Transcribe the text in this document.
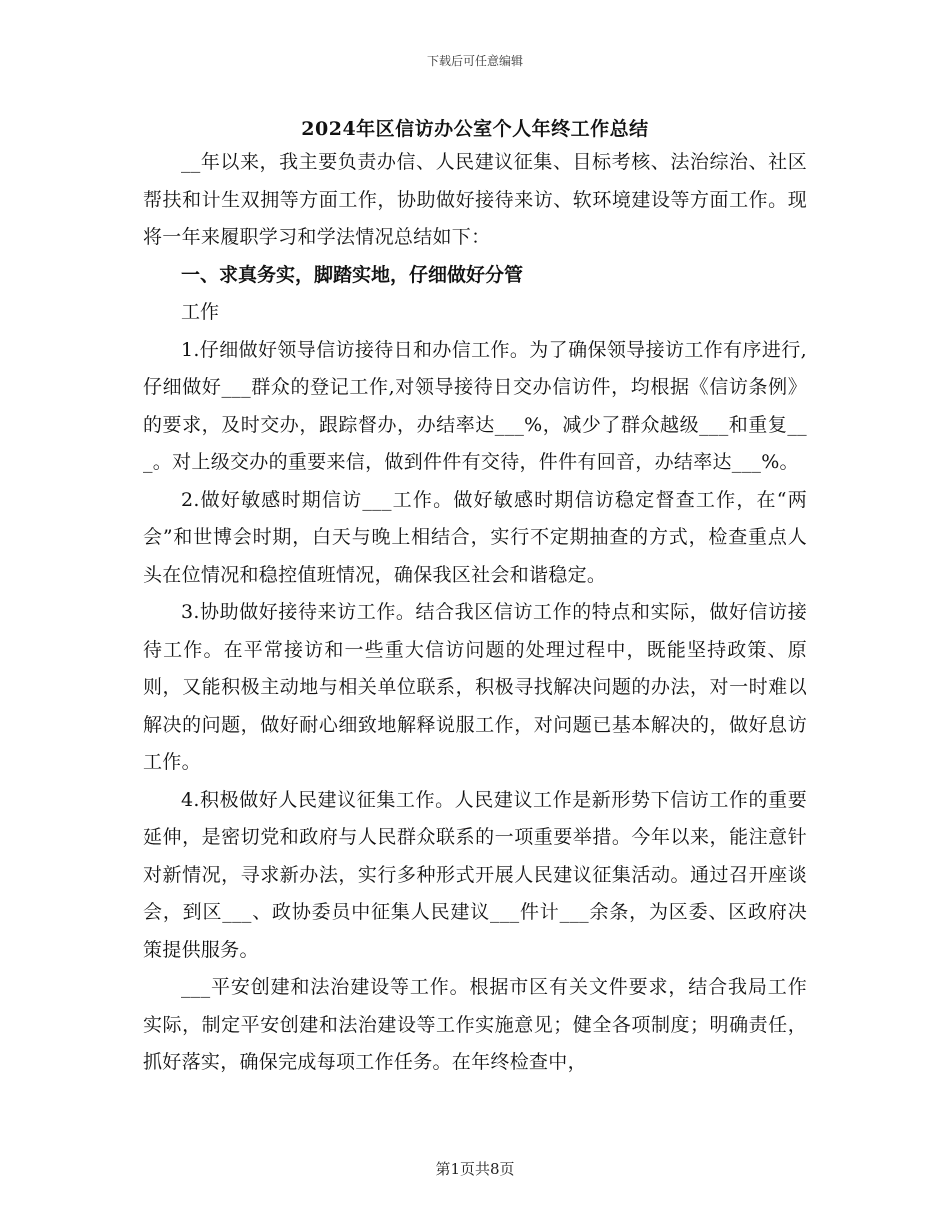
下载后可任意编辑
2024年区信访办公室个人年终工作总结

__年以来，我主要负责办信、人民建议征集、目标考核、法治综治、社区帮扶和计生双拥等方面工作，协助做好接待来访、软环境建设等方面工作。现将一年来履职学习和学法情况总结如下：

一、求真务实，脚踏实地，仔细做好分管

工作

1.仔细做好领导信访接待日和办信工作。为了确保领导接访工作有序进行,仔细做好___群众的登记工作,对领导接待日交办信访件，均根据《信访条例》的要求，及时交办，跟踪督办，办结率达___%，减少了群众越级___和重复___。对上级交办的重要来信，做到件件有交待，件件有回音，办结率达___%。

2.做好敏感时期信访___工作。做好敏感时期信访稳定督查工作，在“两会”和世博会时期，白天与晚上相结合，实行不定期抽查的方式，检查重点人头在位情况和稳控值班情况，确保我区社会和谐稳定。

3.协助做好接待来访工作。结合我区信访工作的特点和实际，做好信访接待工作。在平常接访和一些重大信访问题的处理过程中，既能坚持政策、原则，又能积极主动地与相关单位联系，积极寻找解决问题的办法，对一时难以解决的问题，做好耐心细致地解释说服工作，对问题已基本解决的，做好息访工作。

4.积极做好人民建议征集工作。人民建议工作是新形势下信访工作的重要延伸，是密切党和政府与人民群众联系的一项重要举措。今年以来，能注意针对新情况，寻求新办法，实行多种形式开展人民建议征集活动。通过召开座谈会，到区___、政协委员中征集人民建议___件计___余条，为区委、区政府决策提供服务。

___平安创建和法治建设等工作。根据市区有关文件要求，结合我局工作实际，制定平安创建和法治建设等工作实施意见；健全各项制度；明确责任，抓好落实，确保完成每项工作任务。在年终检查中，

第1页共8页
